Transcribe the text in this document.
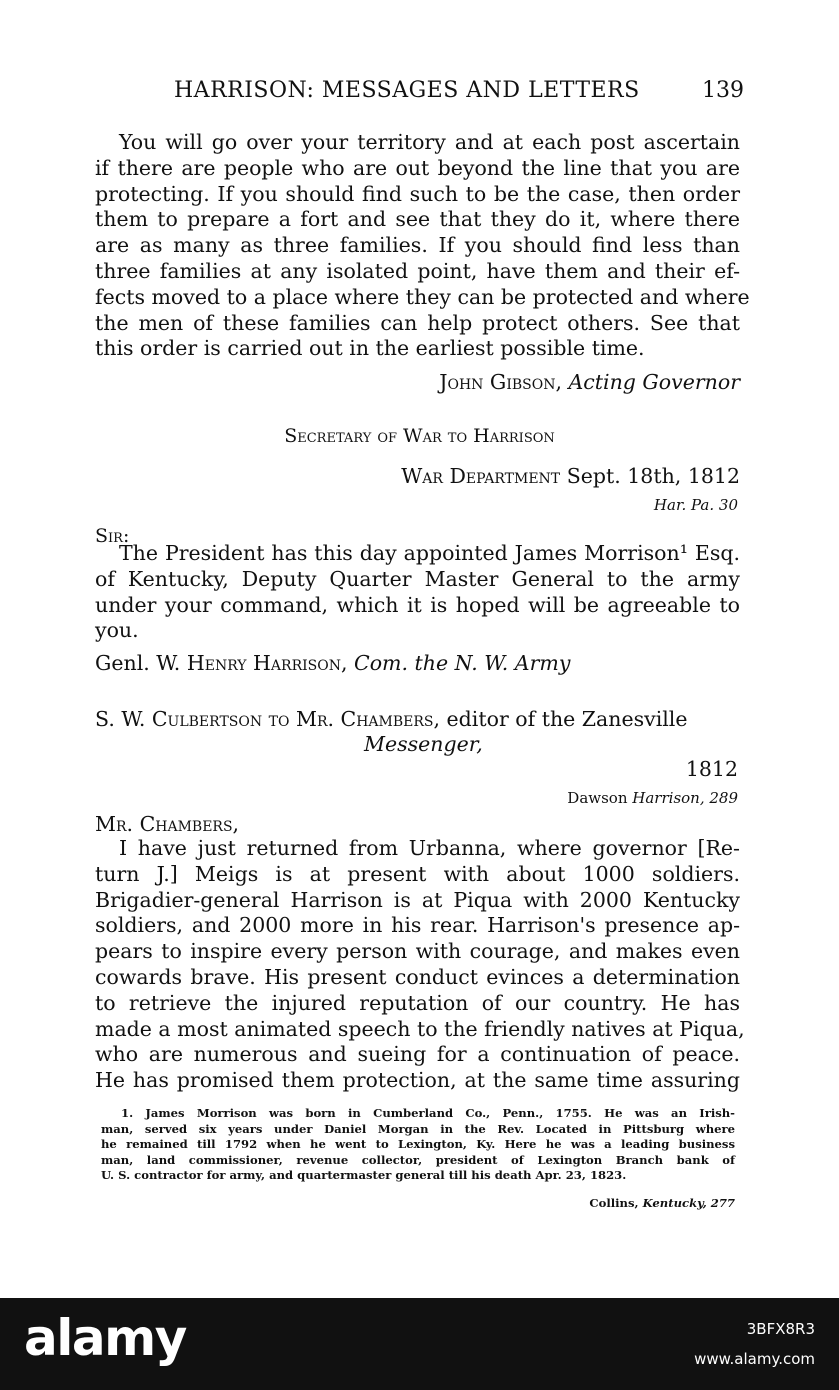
HARRISON: MESSAGES AND LETTERS	139
You will go over your territory and at each post ascertain
if there are people who are out beyond the line that you are
protecting. If you should find such to be the case, then order
them to prepare a fort and see that they do it, where there
are as many as three families. If you should find less than
three families at any isolated point, have them and their ef-
fects moved to a place where they can be protected and where
the men of these families can help protect others. See that
this order is carried out in the earliest possible time.
John Gibson, Acting Governor
Secretary of War to Harrison
War Department Sept. 18th, 1812
Har. Pa. 30
Sir:
The President has this day appointed James Morrison¹ Esq.
of Kentucky, Deputy Quarter Master General to the army
under your command, which it is hoped will be agreeable to
you.
Genl. W. Henry Harrison, Com. the N. W. Army
S. W. Culbertson to Mr. Chambers, editor of the Zanesville
Messenger,
1812
Dawson Harrison, 289
Mr. Chambers,
I have just returned from Urbanna, where governor [Re-
turn J.] Meigs is at present with about 1000 soldiers.
Brigadier-general Harrison is at Piqua with 2000 Kentucky
soldiers, and 2000 more in his rear. Harrison's presence ap-
pears to inspire every person with courage, and makes even
cowards brave. His present conduct evinces a determination
to retrieve the injured reputation of our country. He has
made a most animated speech to the friendly natives at Piqua,
who are numerous and sueing for a continuation of peace.
He has promised them protection, at the same time assuring
1. James Morrison was born in Cumberland Co., Penn., 1755. He was an Irish-
man, served six years under Daniel Morgan in the Rev. Located in Pittsburg where
he remained till 1792 when he went to Lexington, Ky. Here he was a leading business
man, land commissioner, revenue collector, president of Lexington Branch bank of
U. S. contractor for army, and quartermaster general till his death Apr. 23, 1823.
Collins, Kentucky, 277
alamy	3BFX8R3
www.alamy.com
